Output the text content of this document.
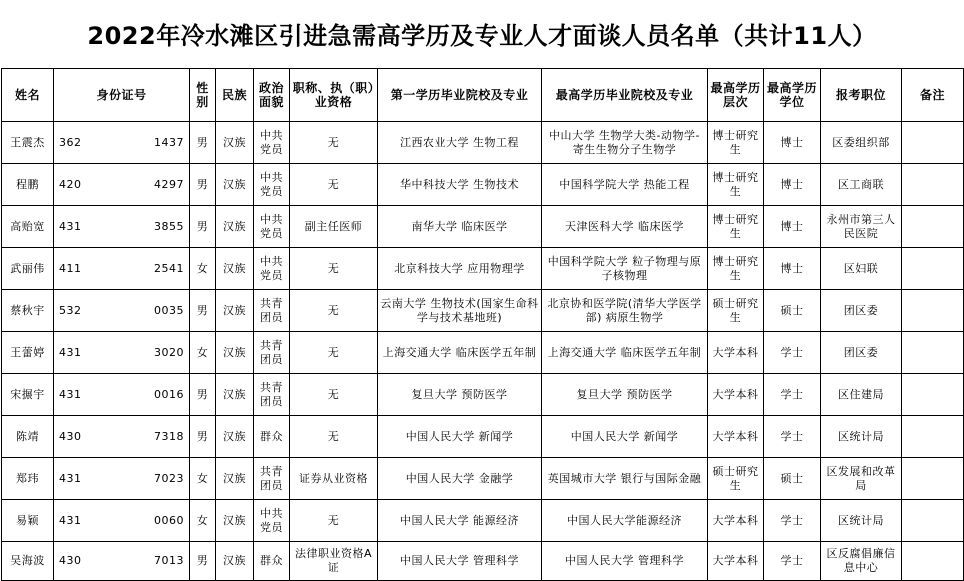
2022年冷水滩区引进急需高学历及专业人才面谈人员名单（共计11人）
姓名	身份证号	性别	民族	政治面貌	职称、执（职）业资格	第一学历毕业院校及专业	最高学历毕业院校及专业	最高学历层次	最高学历学位	报考职位	备注
王震杰	362 1437	男	汉族	中共党员	无	江西农业大学 生物工程	中山大学 生物学大类-动物学-寄生生物分子生物学	博士研究生	博士	区委组织部	
程鹏	420 4297	男	汉族	中共党员	无	华中科技大学 生物技术	中国科学院大学 热能工程	博士研究生	博士	区工商联	
高贻宽	431 3855	男	汉族	中共党员	副主任医师	南华大学 临床医学	天津医科大学 临床医学	博士研究生	博士	永州市第三人民医院	
武丽伟	411 2541	女	汉族	中共党员	无	北京科技大学 应用物理学	中国科学院大学 粒子物理与原子核物理	博士研究生	博士	区妇联	
蔡秋宇	532 0035	男	汉族	共青团员	无	云南大学 生物技术(国家生命科学与技术基地班)	北京协和医学院(清华大学医学部) 病原生物学	硕士研究生	硕士	团区委	
王蕾婷	431 3020	女	汉族	共青团员	无	上海交通大学 临床医学五年制	上海交通大学 临床医学五年制	大学本科	学士	团区委	
宋搌宇	431 0016	男	汉族	共青团员	无	复旦大学 预防医学	复旦大学 预防医学	大学本科	学士	区住建局	
陈靖	430 7318	男	汉族	群众	无	中国人民大学 新闻学	中国人民大学 新闻学	大学本科	学士	区统计局	
郑玮	431 7023	女	汉族	共青团员	证券从业资格	中国人民大学 金融学	英国城市大学 银行与国际金融	硕士研究生	硕士	区发展和改革局	
易颖	431 0060	女	汉族	中共党员	无	中国人民大学 能源经济	中国人民大学能源经济	大学本科	学士	区统计局	
吴海波	430 7013	男	汉族	群众	法律职业资格A证	中国人民大学 管理科学	中国人民大学 管理科学	大学本科	学士	区反腐倡廉信息中心	
